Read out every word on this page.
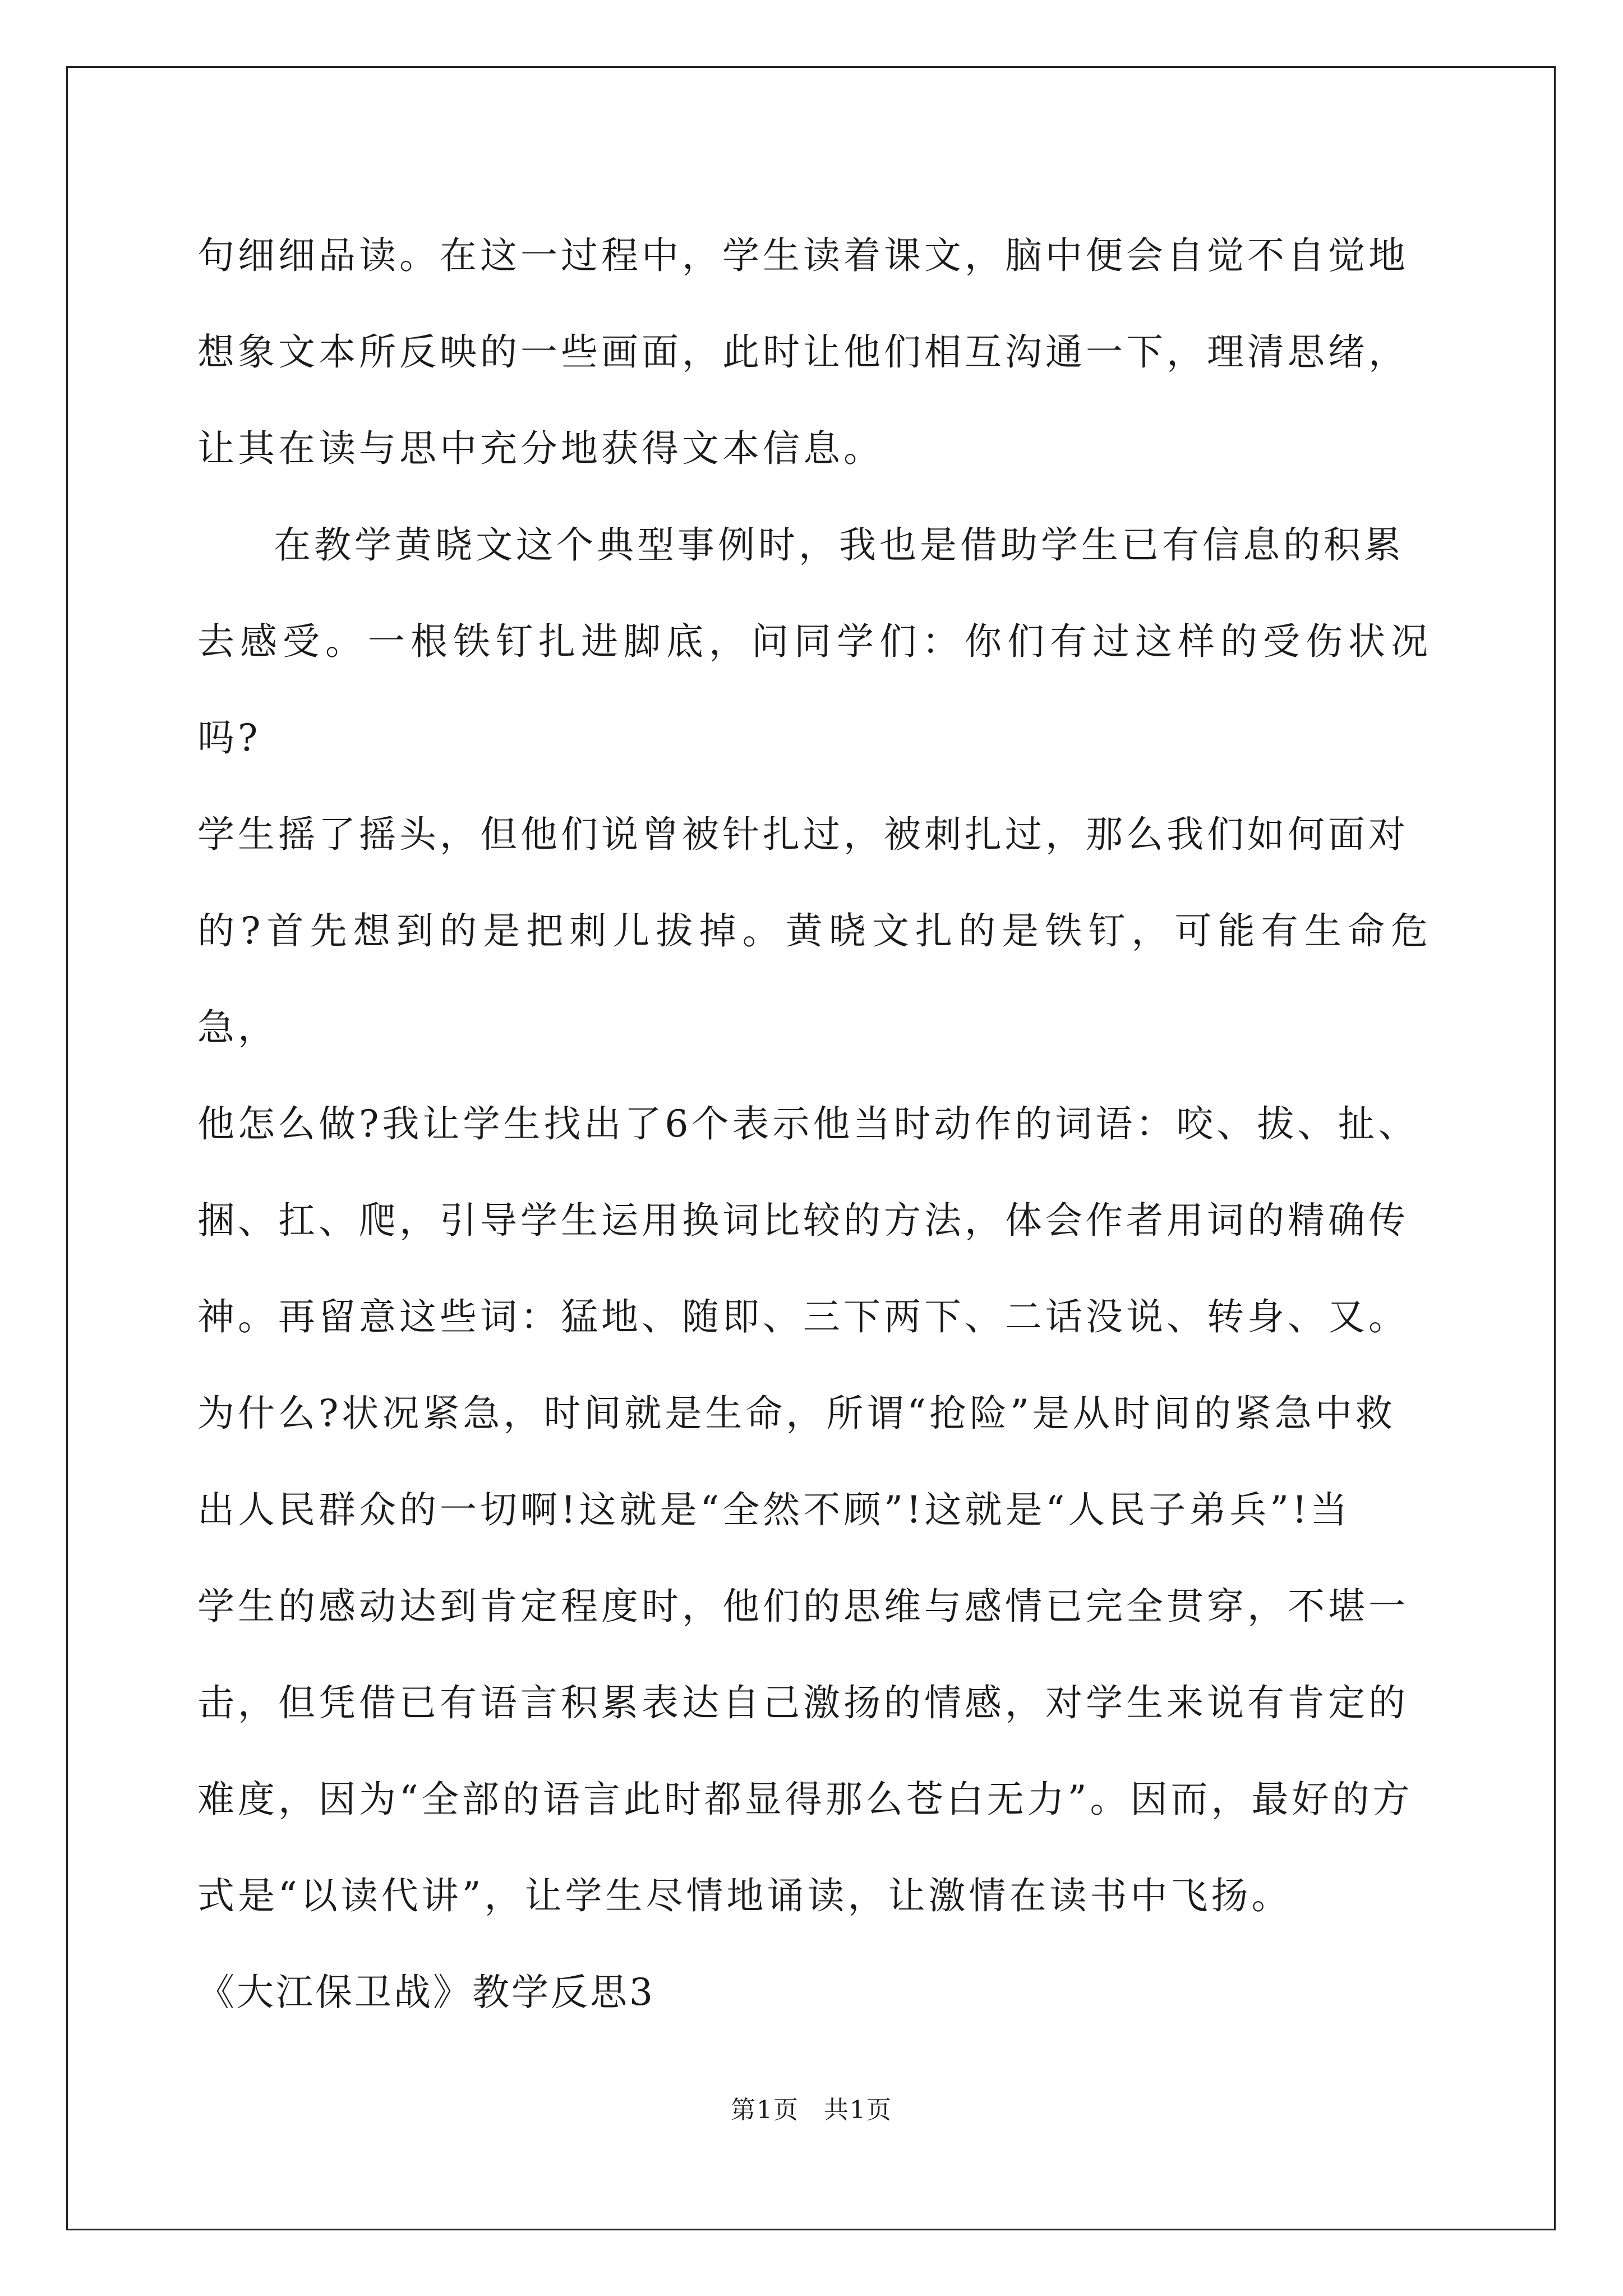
句细细品读。在这一过程中，学生读着课文，脑中便会自觉不自觉地
想象文本所反映的一些画面，此时让他们相互沟通一下，理清思绪，
让其在读与思中充分地获得文本信息。

在教学黄晓文这个典型事例时，我也是借助学生已有信息的积累
去感受。一根铁钉扎进脚底，问同学们：你们有过这样的受伤状况吗?
学生摇了摇头，但他们说曾被针扎过，被刺扎过，那么我们如何面对
的?首先想到的是把刺儿拔掉。黄晓文扎的是铁钉，可能有生命危急，
他怎么做?我让学生找出了6个表示他当时动作的词语：咬、拔、扯、
捆、扛、爬，引导学生运用换词比较的方法，体会作者用词的精确传
神。再留意这些词：猛地、随即、三下两下、二话没说、转身、又。
为什么?状况紧急，时间就是生命，所谓“抢险”是从时间的紧急中救
出人民群众的一切啊!这就是“全然不顾”!这就是“人民子弟兵”!当
学生的感动达到肯定程度时，他们的思维与感情已完全贯穿，不堪一
击，但凭借已有语言积累表达自己激扬的情感，对学生来说有肯定的
难度，因为“全部的语言此时都显得那么苍白无力”。因而，最好的方
式是“以读代讲”，让学生尽情地诵读，让激情在读书中飞扬。

《大江保卫战》教学反思3

第1页 共1页
